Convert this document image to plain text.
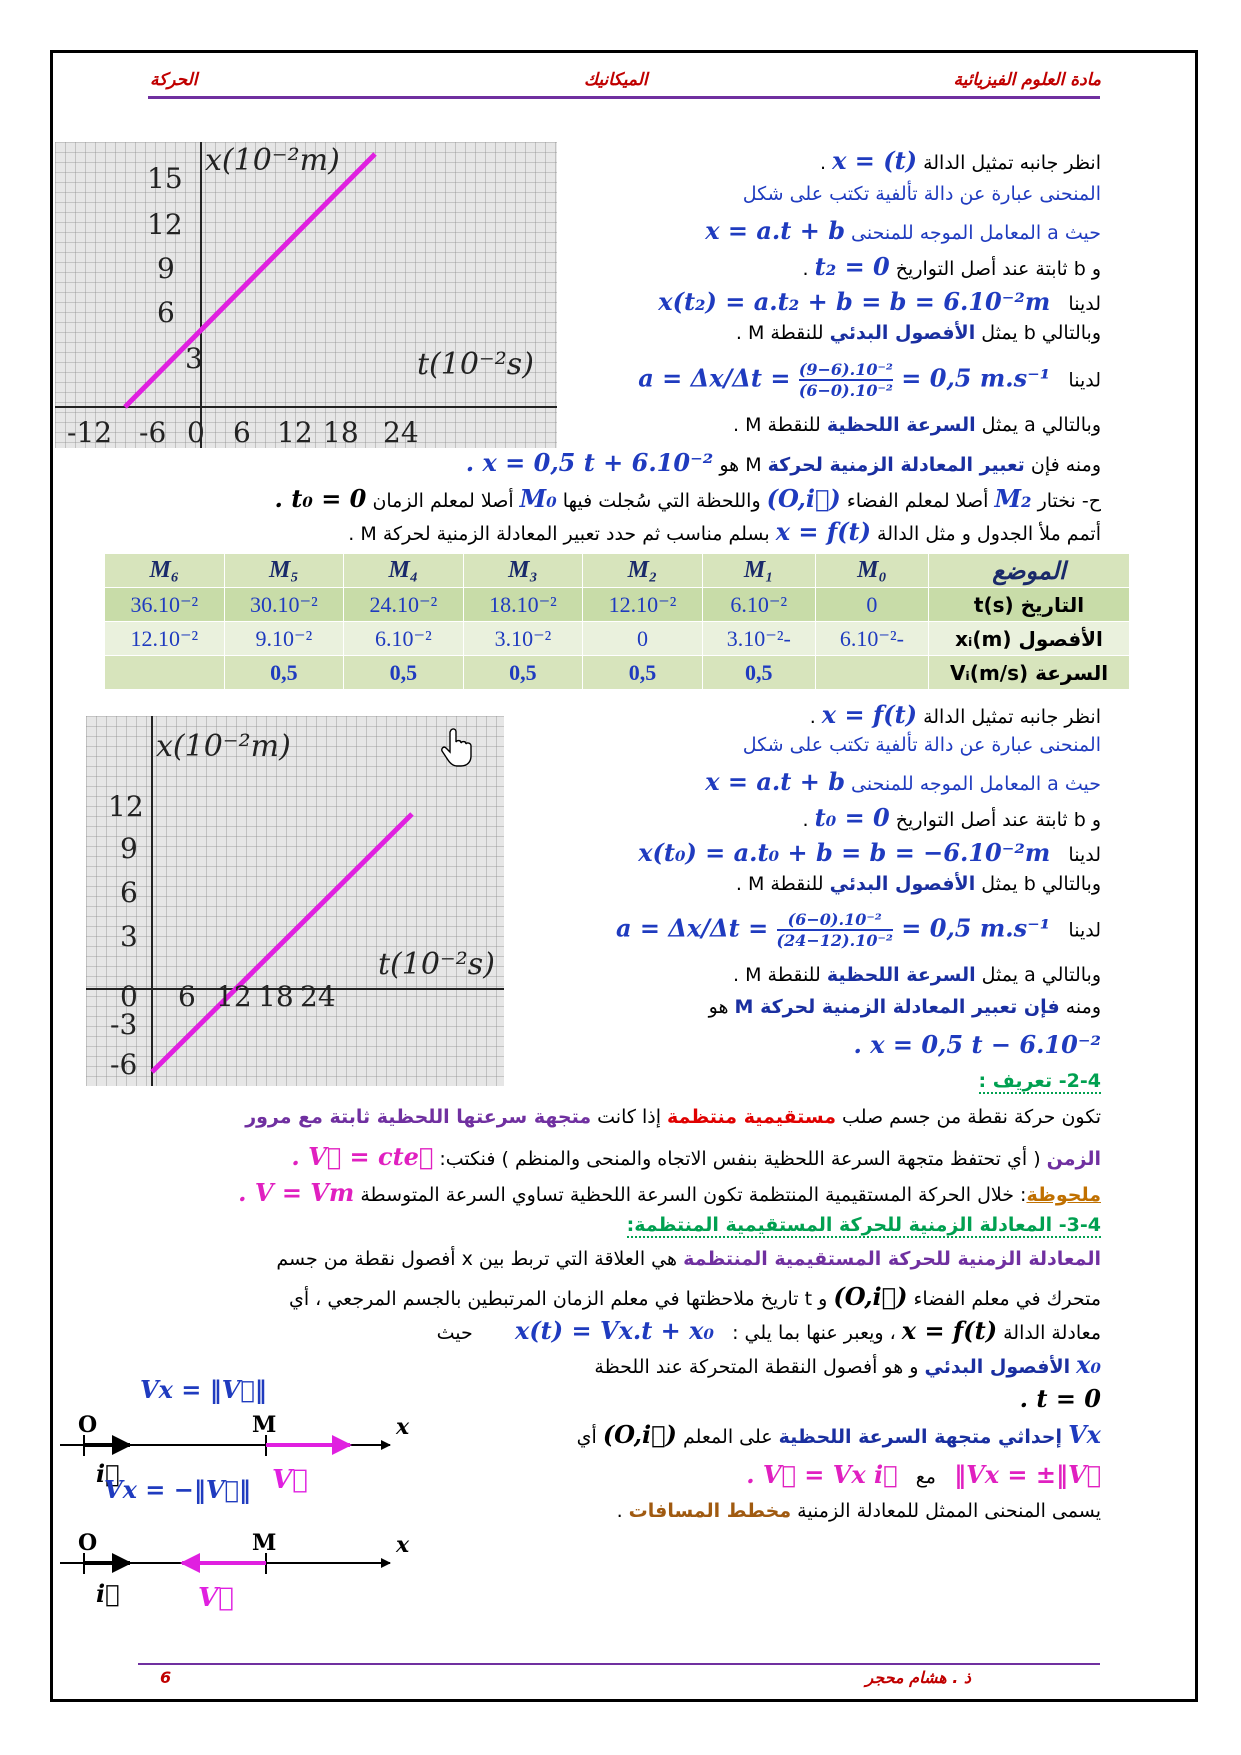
الحركة	الميكانيك	مادة العلوم الفيزيائية
x(10⁻²m)
t(10⁻²s)
15
12
9
6
3
-12 -6 0 6 12 18 24
انظر جانبه تمثيل الدالة x = (t) .
المنحنى عبارة عن دالة تألفية تكتب على شكل
حيث a المعامل الموجه للمنحنى x = a.t + b
و b ثابتة عند أصل التواريخ t₂ = 0 .
لدينا   x(t₂) = a.t₂ + b = b = 6.10⁻²m
وبالتالي b يمثل الأفصول البدئي للنقطة M .
لدينا   $a = \Delta x/\Delta t = \frac{\text{(9−6).10⁻²}}{\text{(6−0).10⁻²}} = 0,5$ m.s⁻¹
وبالتالي a يمثل السرعة اللحظية للنقطة M .
ومنه فإن تعبير المعادلة الزمنية لحركة M هو x = 0,5 t + 6.10⁻² .
ح- نختار M₂ أصلا لمعلم الفضاء (O,i⃗) واللحظة التي سُجلت فيها M₀ أصلا لمعلم الزمان t₀ = 0 .
أتمم ملأ الجدول و مثل الدالة x = f(t) بسلم مناسب ثم حدد تعبير المعادلة الزمنية لحركة M .
الموضع	M₀	M₁	M₂	M₃	M₄	M₅	M₆
التاريخ t(s)	0	6.10⁻²	12.10⁻²	18.10⁻²	24.10⁻²	30.10⁻²	36.10⁻²
الأفصول xᵢ(m)	-6.10⁻²	-3.10⁻²	0	3.10⁻²	6.10⁻²	9.10⁻²	12.10⁻²
السرعة Vᵢ(m/s)		0,5	0,5	0,5	0,5	0,5	
x(10⁻²m)
t(10⁻²s)
12
9
6
3
0
-3
-6
6 12 18 24
انظر جانبه تمثيل الدالة x = f(t) .
المنحنى عبارة عن دالة تألفية تكتب على شكل
حيث a المعامل الموجه للمنحنى x = a.t + b
و b ثابتة عند أصل التواريخ t₀ = 0 .
لدينا   x(t₀) = a.t₀ + b = b = −6.10⁻²m
وبالتالي b يمثل الأفصول البدئي للنقطة M .
لدينا   $a = \Delta x/\Delta t = \frac{\text{(6−0).10⁻²}}{\text{(24−12).10⁻²}} = 0,5$ m.s⁻¹
وبالتالي a يمثل السرعة اللحظية للنقطة M .
ومنه فإن تعبير المعادلة الزمنية لحركة M هو
x = 0,5 t − 6.10⁻² .
2-4- تعريف :
تكون حركة نقطة من جسم صلب مستقيمية منتظمة إذا كانت متجهة سرعتها اللحظية ثابتة مع مرور
الزمن ( أي تحتفظ متجهة السرعة اللحظية بنفس الاتجاه والمنحى والمنظم ) فنكتب: V⃗ = cte⃗ .
ملحوظة: خلال الحركة المستقيمية المنتظمة تكون السرعة اللحظية تساوي السرعة المتوسطة V = Vm .
3-4- المعادلة الزمنية للحركة المستقيمية المنتظمة:
المعادلة الزمنية للحركة المستقيمية المنتظمة هي العلاقة التي تربط بين x أفصول نقطة من جسم
متحرك في معلم الفضاء (O,i⃗) و t تاريخ ملاحظتها في معلم الزمان المرتبطين بالجسم المرجعي ، أي
معادلة الدالة x = f(t) ، ويعبر عنها بما يلي :   x(t) = Vx.t + x₀       حيث
x₀ الأفصول البدئي و هو أفصول النقطة المتحركة عند اللحظة
t = 0 .
Vx إحداثي متجهة السرعة اللحظية على المعلم (O,i⃗) أي
Vx = ±‖V⃗‖   مع   V⃗ = Vx i⃗ .
يسمى المنحنى الممثل للمعادلة الزمنية مخطط المسافات .
Vx = ‖V⃗‖
O	M	x
i⃗	V⃗
Vx = −‖V⃗‖
O	M	x
i⃗	V⃗
6	ذ . هشام محجر
